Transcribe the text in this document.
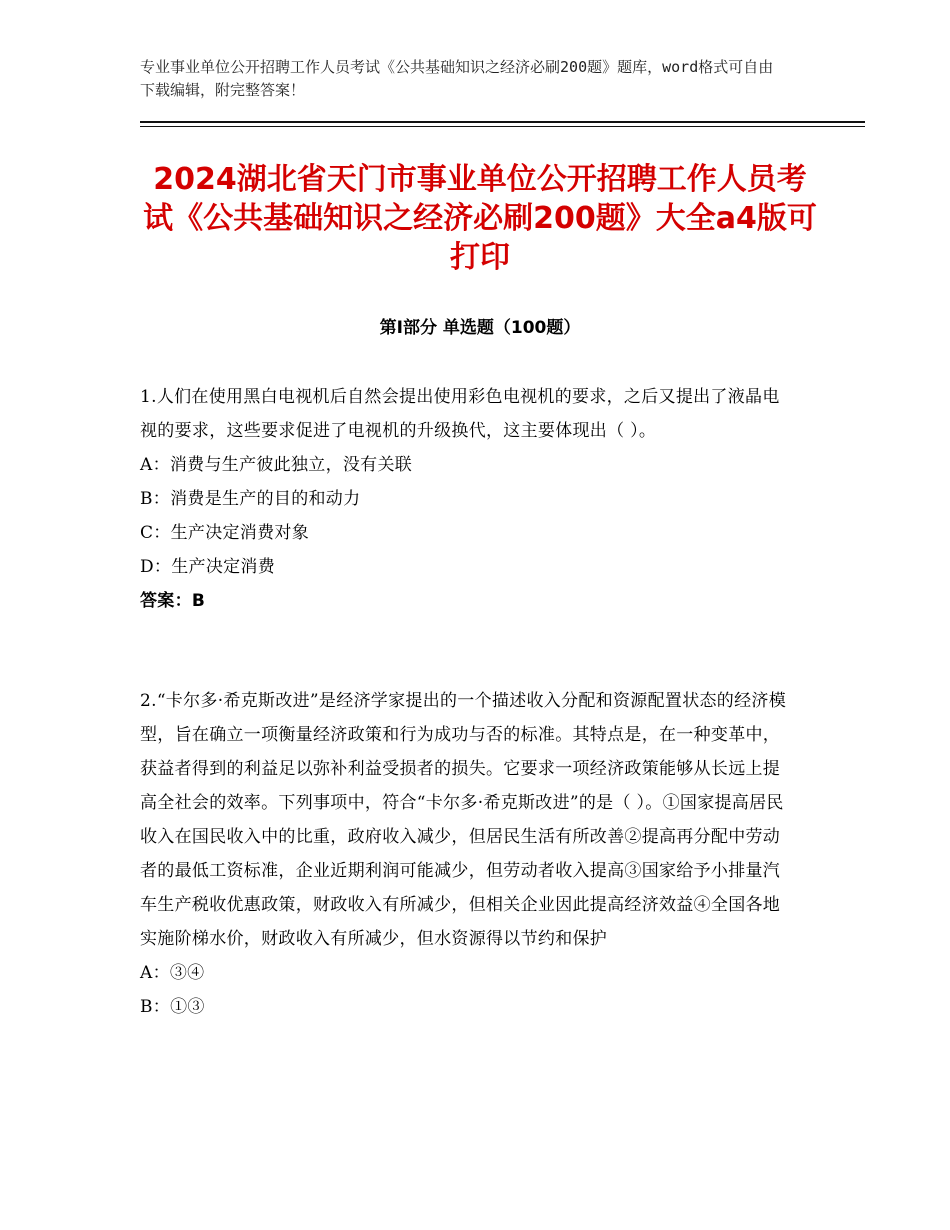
专业事业单位公开招聘工作人员考试《公共基础知识之经济必刷200题》题库，word格式可自由下载编辑，附完整答案！
2024湖北省天门市事业单位公开招聘工作人员考试《公共基础知识之经济必刷200题》大全a4版可打印
第Ⅰ部分 单选题（100题）

1.人们在使用黑白电视机后自然会提出使用彩色电视机的要求，之后又提出了液晶电视的要求，这些要求促进了电视机的升级换代，这主要体现出（ ）。

A：消费与生产彼此独立，没有关联

B：消费是生产的目的和动力

C：生产决定消费对象

D：生产决定消费

答案：B

2.“卡尔多·希克斯改进”是经济学家提出的一个描述收入分配和资源配置状态的经济模型，旨在确立一项衡量经济政策和行为成功与否的标准。其特点是，在一种变革中，获益者得到的利益足以弥补利益受损者的损失。它要求一项经济政策能够从长远上提高全社会的效率。下列事项中，符合“卡尔多·希克斯改进”的是（ ）。①国家提高居民收入在国民收入中的比重，政府收入减少，但居民生活有所改善②提高再分配中劳动者的最低工资标准，企业近期利润可能减少，但劳动者收入提高③国家给予小排量汽车生产税收优惠政策，财政收入有所减少，但相关企业因此提高经济效益④全国各地实施阶梯水价，财政收入有所减少，但水资源得以节约和保护

A：③④

B：①③
